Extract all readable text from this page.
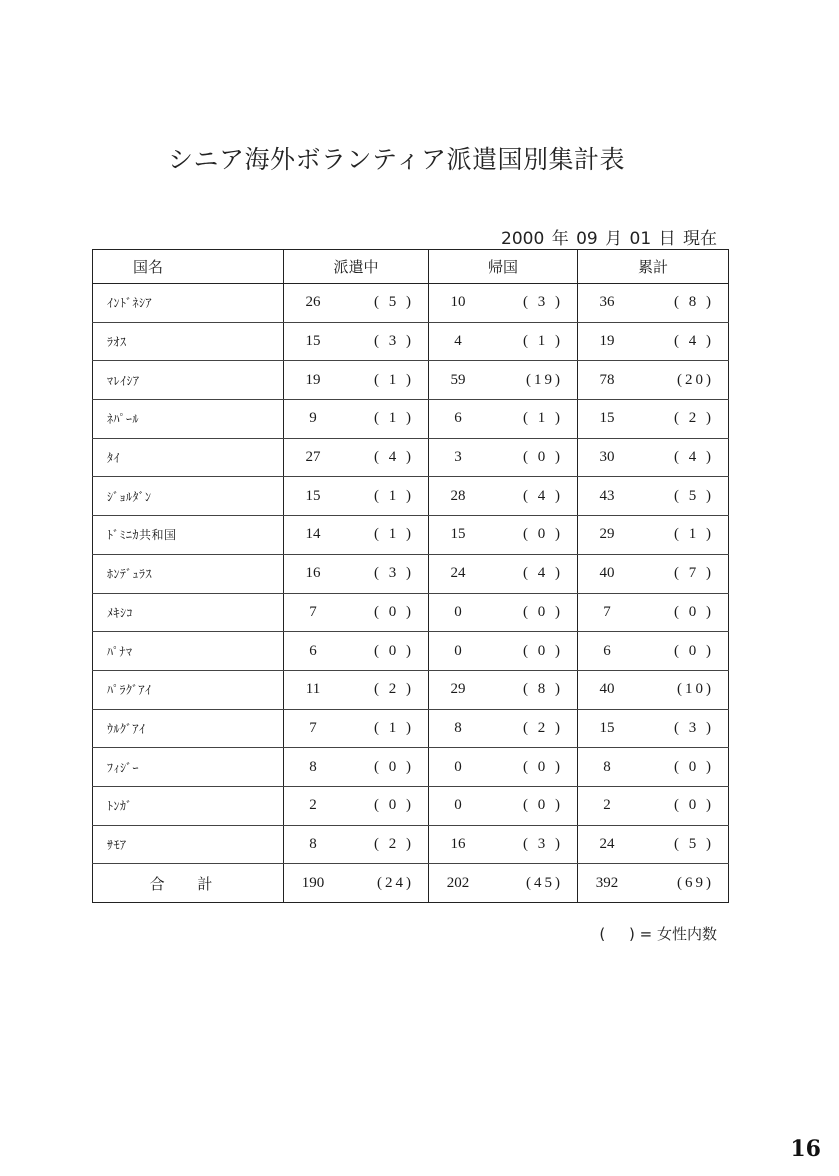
シニア海外ボランティア派遣国別集計表
2000 年 09 月 01 日 現在
国名	派遣中	帰国	累計
ｲﾝﾄﾞﾈｼｱ	26 ( 5 )	10 ( 3 )	36 ( 8 )

ﾗｵｽ	15 ( 3 )	4 ( 1 )	19 ( 4 )

ﾏﾚｲｼｱ	19 ( 1 )	59 (19)	78 (20)

ﾈﾊﾟｰﾙ	9 ( 1 )	6 ( 1 )	15 ( 2 )

ﾀｲ	27 ( 4 )	3 ( 0 )	30 ( 4 )

ｼﾞｮﾙﾀﾞﾝ	15 ( 1 )	28 ( 4 )	43 ( 5 )

ﾄﾞﾐﾆｶ共和国	14 ( 1 )	15 ( 0 )	29 ( 1 )

ﾎﾝﾃﾞｭﾗｽ	16 ( 3 )	24 ( 4 )	40 ( 7 )

ﾒｷｼｺ	7 ( 0 )	0 ( 0 )	7 ( 0 )

ﾊﾟﾅﾏ	6 ( 0 )	0 ( 0 )	6 ( 0 )

ﾊﾟﾗｸﾞｱｲ	11 ( 2 )	29 ( 8 )	40 (10)

ｳﾙｸﾞｱｲ	7 ( 1 )	8 ( 2 )	15 ( 3 )

ﾌｨｼﾞｰ	8 ( 0 )	0 ( 0 )	8 ( 0 )

ﾄﾝｶﾞ	2 ( 0 )	0 ( 0 )	2 ( 0 )

ｻﾓｱ	8 ( 2 )	16 ( 3 )	24 ( 5 )

合 計	190 (24)	202 (45)	392 (69)
(     ) = 女性内数
16
